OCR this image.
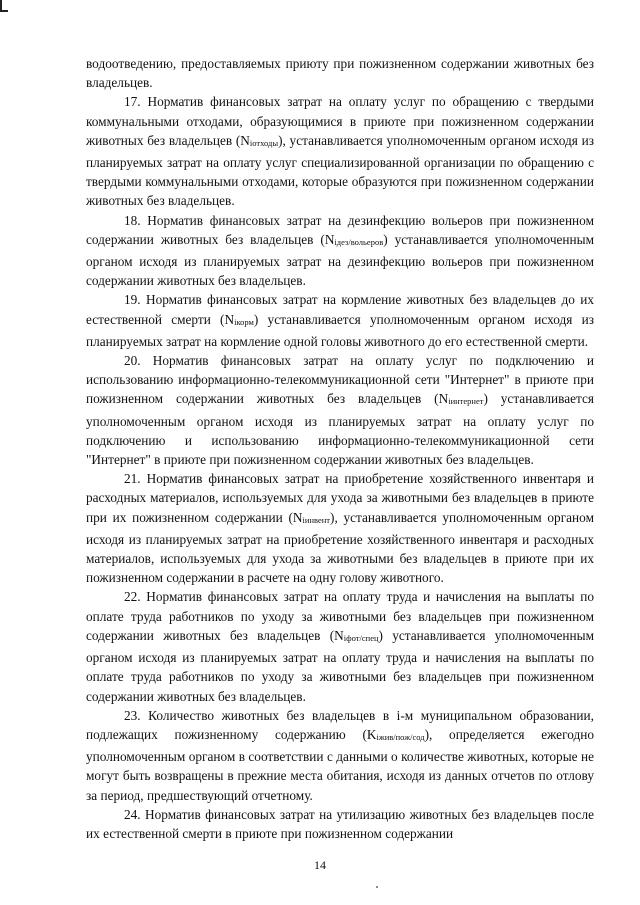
водоотведению, предоставляемых приюту при пожизненном содержании животных без владельцев.

17. Норматив финансовых затрат на оплату услуг по обращению с твердыми коммунальными отходами, образующимися в приюте при пожизненном содержании животных без владельцев (Niотходы), устанавливается уполномоченным органом исходя из планируемых затрат на оплату услуг специализированной организации по обращению с твердыми коммунальными отходами, которые образуются при пожизненном содержании животных без владельцев.

18. Норматив финансовых затрат на дезинфекцию вольеров при пожизненном содержании животных без владельцев (Niдез/вольеров) устанавливается уполномоченным органом исходя из планируемых затрат на дезинфекцию вольеров при пожизненном содержании животных без владельцев.

19. Норматив финансовых затрат на кормление животных без владельцев до их естественной смерти (Niкорм) устанавливается уполномоченным органом исходя из планируемых затрат на кормление одной головы животного до его естественной смерти.

20. Норматив финансовых затрат на оплату услуг по подключению и использованию информационно-телекоммуникационной сети "Интернет" в приюте при пожизненном содержании животных без владельцев (Niинтернет) устанавливается уполномоченным органом исходя из планируемых затрат на оплату услуг по подключению и использованию информационно-телекоммуникационной сети "Интернет" в приюте при пожизненном содержании животных без владельцев.

21. Норматив финансовых затрат на приобретение хозяйственного инвентаря и расходных материалов, используемых для ухода за животными без владельцев в приюте при их пожизненном содержании (Niинвент), устанавливается уполномоченным органом исходя из планируемых затрат на приобретение хозяйственного инвентаря и расходных материалов, используемых для ухода за животными без владельцев в приюте при их пожизненном содержании в расчете на одну голову животного.

22. Норматив финансовых затрат на оплату труда и начисления на выплаты по оплате труда работников по уходу за животными без владельцев при пожизненном содержании животных без владельцев (Niфот/спец) устанавливается уполномоченным органом исходя из планируемых затрат на оплату труда и начисления на выплаты по оплате труда работников по уходу за животными без владельцев при пожизненном содержании животных без владельцев.

23. Количество животных без владельцев в i-м муниципальном образовании, подлежащих пожизненному содержанию (Kiжив/пож/сод), определяется ежегодно уполномоченным органом в соответствии с данными о количестве животных, которые не могут быть возвращены в прежние места обитания, исходя из данных отчетов по отлову за период, предшествующий отчетному.

24. Норматив финансовых затрат на утилизацию животных без владельцев после их естественной смерти в приюте при пожизненном содержании

14
